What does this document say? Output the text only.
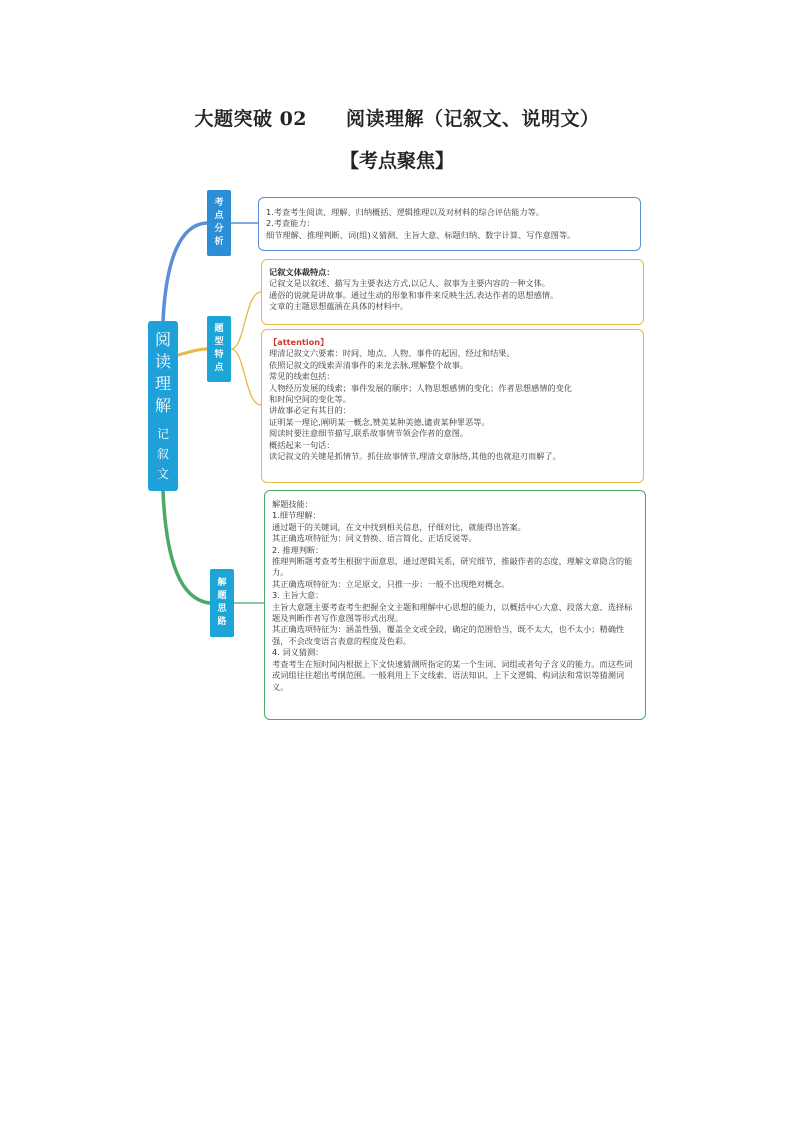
大题突破 02　　阅读理解（记叙文、说明文）
【考点聚焦】
阅
读
理
解
记
叙
文
考
点
分
析
题
型
特
点
解
题
思
路
1.考查考生阅读、理解、归纳概括、逻辑推理以及对材料的综合评估能力等。
2.考查能力：
细节理解、推理判断、词(组)义猜测、主旨大意、标题归纳、数字计算、写作意图等。
记叙文体裁特点：
记叙文是以叙述、描写为主要表达方式,以记人、叙事为主要内容的一种文体。
通俗的说就是讲故事。通过生动的形象和事件来反映生活,表达作者的思想感情。
文章的主题思想蕴涵在具体的材料中。
【attention】
理清记叙文六要素：时间、地点、人物、事件的起因、经过和结果。
依照记叙文的线索弄清事件的来龙去脉,理解整个故事。
常见的线索包括：
人物经历发展的线索；事件发展的顺序；人物思想感情的变化；作者思想感情的变化
和时间空间的变化等。
讲故事必定有其目的：
证明某一理论,阐明某一概念,赞美某种美德,谴责某种罪恶等。
阅读时要注意细节描写,联系故事情节领会作者的意图。
概括起来一句话：
读记叙文的关键是抓情节。抓住故事情节,理清文章脉络,其他的也就迎刃而解了。
解题技能：
1.细节理解：
通过题干的关键词，在文中找到相关信息，仔细对比，就能得出答案。
其正确选项特征为：同义替换、语言简化、正话反说等。
2. 推理判断：
推理判断题考查考生根据字面意思，通过逻辑关系，研究细节，推敲作者的态度，理解文章隐含的能力。
其正确选项特征为：立足原文，只推一步：一般不出现绝对概念。
3. 主旨大意：
主旨大意题主要考查考生把握全文主题和理解中心思想的能力，以概括中心大意、段落大意、选择标题及判断作者写作意图等形式出现。
其正确选项特征为：涵盖性强，覆盖全文或全段，确定的范围恰当，既不太大，也不太小；精确性强，不会改变语言表意的程度及色彩。
4. 词义猜测：
考查考生在短时间内根据上下文快速猜测所指定的某一个生词、词组或者句子含义的能力。而这些词或词组往往超出考纲范围。一般利用上下文线索、语法知识、上下文逻辑、构词法和常识等猜测词义。
